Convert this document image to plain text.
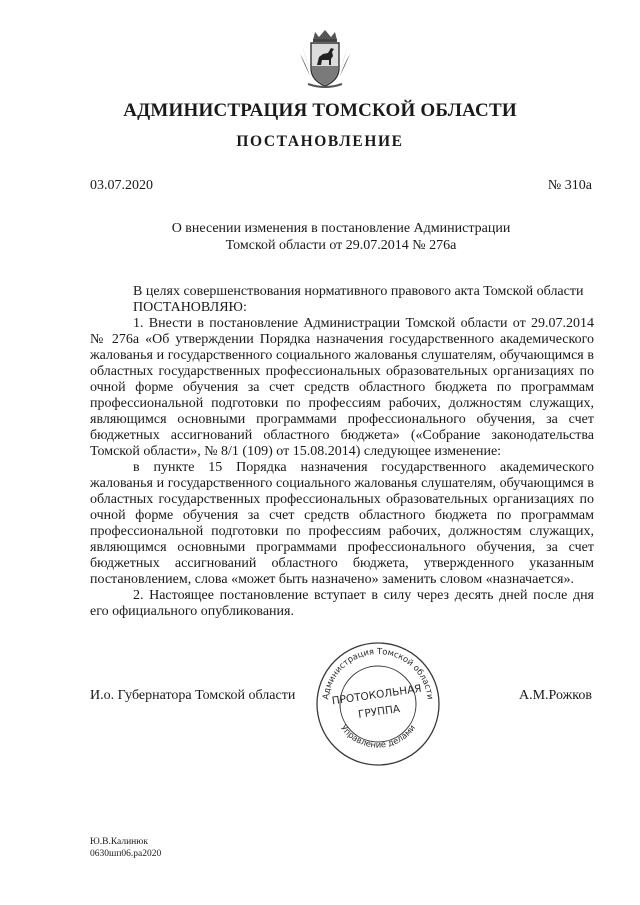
АДМИНИСТРАЦИЯ ТОМСКОЙ ОБЛАСТИ
ПОСТАНОВЛЕНИЕ
03.07.2020	№ 310а

О внесении изменения в постановление Администрации

Томской области от 29.07.2014 № 276а

В целях совершенствования нормативного правового акта Томской области

ПОСТАНОВЛЯЮ:

1. Внести в постановление Администрации Томской области от 29.07.2014 № 276а «Об утверждении Порядка назначения государственного академического жалованья и государственного социального жалованья слушателям, обучающимся в областных государственных профессиональных образовательных организациях по очной форме обучения за счет средств областного бюджета по программам профессиональной подготовки по профессиям рабочих, должностям служащих, являющимся основными программами профессионального обучения, за счет бюджетных ассигнований областного бюджета» («Собрание законодательства Томской области», № 8/1 (109) от 15.08.2014) следующее изменение:

в пункте 15 Порядка назначения государственного академического жалованья и государственного социального жалованья слушателям, обучающимся в областных государственных профессиональных образовательных организациях по очной форме обучения за счет средств областного бюджета по программам профессиональной подготовки по профессиям рабочих, должностям служащих, являющимся основными программами профессионального обучения, за счет бюджетных ассигнований областного бюджета, утвержденного указанным постановлением, слова «может быть назначено» заменить словом «назначается».

2. Настоящее постановление вступает в силу через десять дней после дня его официального опубликования.

И.о. Губернатора Томской области	Администрация Томской области
Управление делами
ПРОТОКОЛЬНАЯ
ГРУППА
А.М.Рожков
Ю.В.Калинюк
0630шп06.ра2020
